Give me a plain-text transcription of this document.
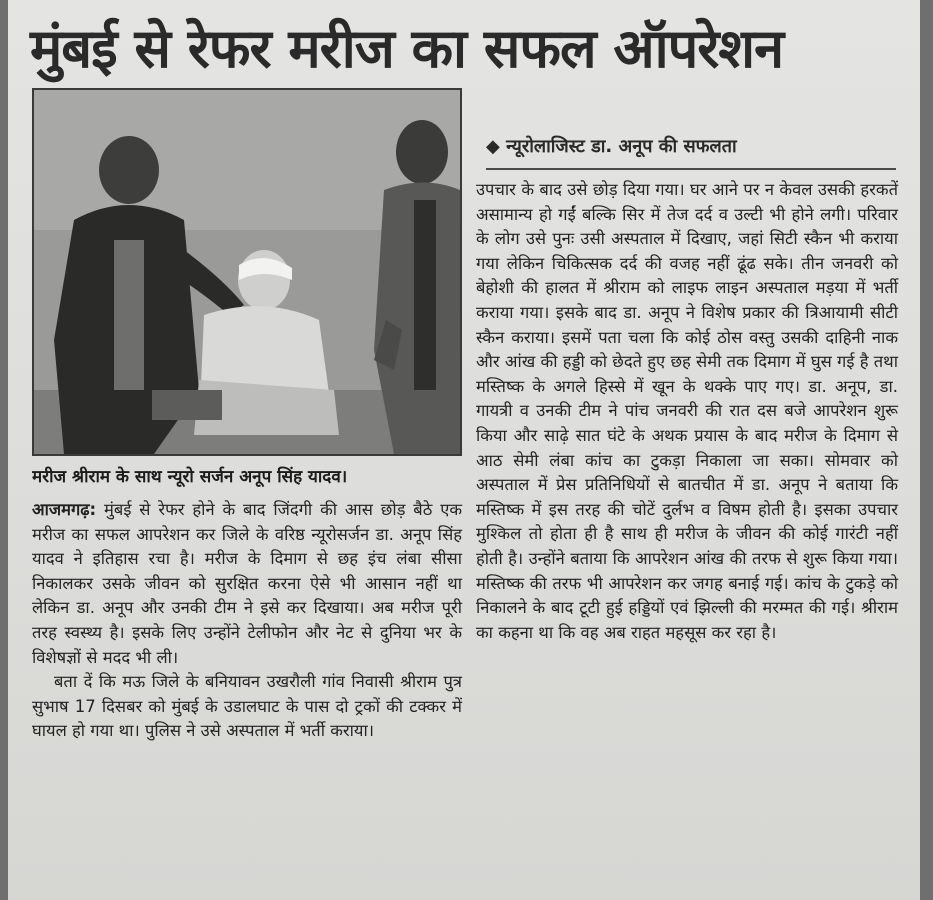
मुंबई से रेफर मरीज का सफल ऑपरेशन
मरीज श्रीराम के साथ न्यूरो सर्जन अनूप सिंह यादव।
◆ न्यूरोलाजिस्ट डा. अनूप की सफलता

आजमगढ़: मुंबई से रेफर होने के बाद जिंदगी की आस छोड़ बैठे एक मरीज का सफल आपरेशन कर जिले के वरिष्ठ न्यूरोसर्जन डा. अनूप सिंह यादव ने इतिहास रचा है। मरीज के दिमाग से छह इंच लंबा सीसा निकालकर उसके जीवन को सुरक्षित करना ऐसे भी आसान नहीं था लेकिन डा. अनूप और उनकी टीम ने इसे कर दिखाया। अब मरीज पूरी तरह स्वस्थ्य है। इसके लिए उन्होंने टेलीफोन और नेट से दुनिया भर के विशेषज्ञों से मदद भी ली।

बता दें कि मऊ जिले के बनियावन उखरौली गांव निवासी श्रीराम पुत्र सुभाष 17 दिसबर को मुंबई के उडालघाट के पास दो ट्रकों की टक्कर में घायल हो गया था। पुलिस ने उसे अस्पताल में भर्ती कराया।

उपचार के बाद उसे छोड़ दिया गया। घर आने पर न केवल उसकी हरकतें असामान्य हो गईं बल्कि सिर में तेज दर्द व उल्टी भी होने लगी। परिवार के लोग उसे पुनः उसी अस्पताल में दिखाए, जहां सिटी स्कैन भी कराया गया लेकिन चिकित्सक दर्द की वजह नहीं ढूंढ सके। तीन जनवरी को बेहोशी की हालत में श्रीराम को लाइफ लाइन अस्पताल मड़या में भर्ती कराया गया। इसके बाद डा. अनूप ने विशेष प्रकार की त्रिआयामी सीटी स्कैन कराया। इसमें पता चला कि कोई ठोस वस्तु उसकी दाहिनी नाक और आंख की हड्डी को छेदते हुए छह सेमी तक दिमाग में घुस गई है तथा मस्तिष्क के अगले हिस्से में खून के थक्के पाए गए। डा. अनूप, डा. गायत्री व उनकी टीम ने पांच जनवरी की रात दस बजे आपरेशन शुरू किया और साढ़े सात घंटे के अथक प्रयास के बाद मरीज के दिमाग से आठ सेमी लंबा कांच का टुकड़ा निकाला जा सका। सोमवार को अस्पताल में प्रेस प्रतिनिधियों से बातचीत में डा. अनूप ने बताया कि मस्तिष्क में इस तरह की चोटें दुर्लभ व विषम होती है। इसका उपचार मुश्किल तो होता ही है साथ ही मरीज के जीवन की कोई गारंटी नहीं होती है। उन्होंने बताया कि आपरेशन आंख की तरफ से शुरू किया गया। मस्तिष्क की तरफ भी आपरेशन कर जगह बनाई गई। कांच के टुकड़े को निकालने के बाद टूटी हुई हड्डियों एवं झिल्ली की मरम्मत की गई। श्रीराम का कहना था कि वह अब राहत महसूस कर रहा है।
